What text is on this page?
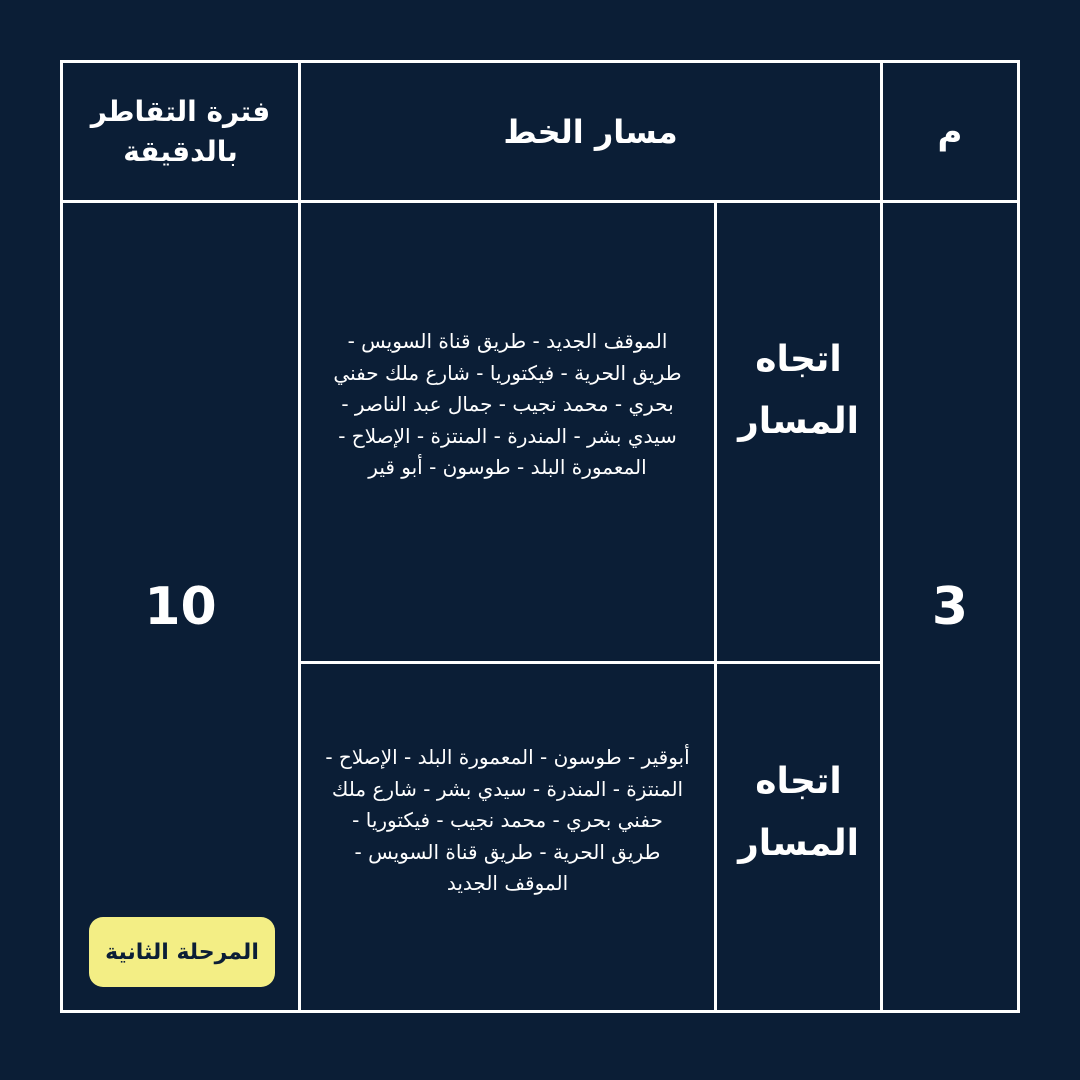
م
مسار الخط
فترة التقاطر
بالدقيقة
3
10
اتجاه
المسار
الموقف الجديد - طريق قناة السويس - طريق الحرية - فيكتوريا - شارع ملك حفني بحري - محمد نجيب - جمال عبد الناصر - سيدي بشر - المندرة - المنتزة - الإصلاح - المعمورة البلد - طوسون - أبو قير
اتجاه
المسار
أبوقير - طوسون - المعمورة البلد - الإصلاح - المنتزة - المندرة - سيدي بشر - شارع ملك حفني بحري - محمد نجيب - فيكتوريا - طريق الحرية - طريق قناة السويس - الموقف الجديد
المرحلة الثانية
